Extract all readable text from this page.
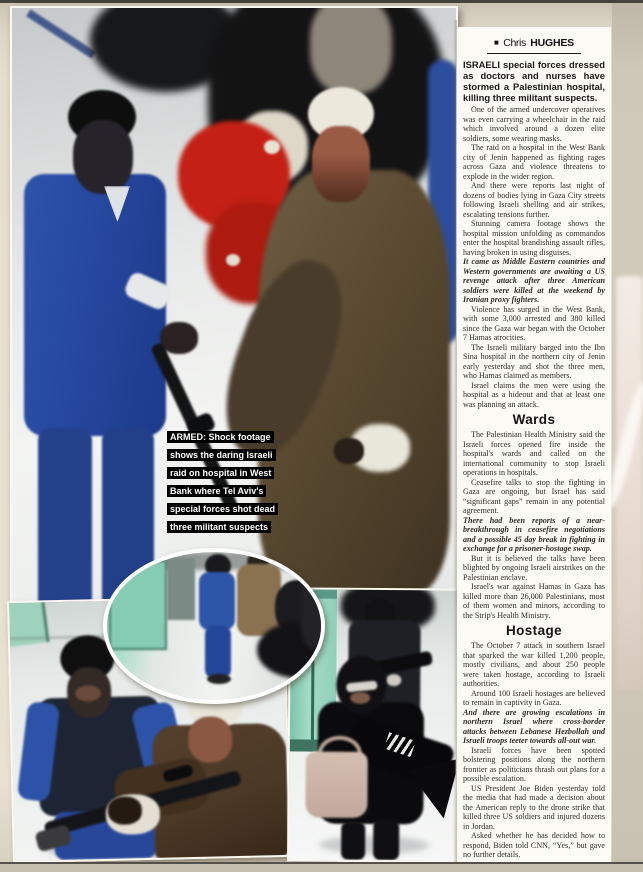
ARMED: Shock footage shows the daring Israeli raid on hospital in West Bank where Tel Aviv's special forces shot dead three militant suspects
■ Chris HUGHES

ISRAELI special forces dressed as doctors and nurses have stormed a Palestinian hospital, killing three militant suspects.

One of the armed undercover operatives was even carrying a wheelchair in the raid which involved around a dozen elite soldiers, some wearing masks.

The raid on a hospital in the West Bank city of Jenin happened as fighting rages across Gaza and violence threatens to explode in the wider region.

And there were reports last night of dozens of bodies lying in Gaza City streets following Israeli shelling and air strikes, escalating tensions further.

Stunning camera footage shows the hospital mission unfolding as commandos enter the hospital brandishing assault rifles, having broken in using disguises.

It came as Middle Eastern countries and Western governments are awaiting a US revenge attack after three American soldiers were killed at the weekend by Iranian proxy fighters.

Violence has surged in the West Bank, with some 3,000 arrested and 380 killed since the Gaza war began with the October 7 Hamas atrocities.

The Israeli military barged into the Ibn Sina hospital in the northern city of Jenin early yesterday and shot the three men, who Hamas claimed as members.

Israel claims the men were using the hospital as a hideout and that at least one was planning an attack.

Wards

The Palestinian Health Ministry said the Israeli forces opened fire inside the hospital's wards and called on the international community to stop Israeli operations in hospitals.

Ceasefire talks to stop the fighting in Gaza are ongoing, but Israel has said “significant gaps” remain in any potential agreement.

There had been reports of a near-breakthrough in ceasefire negotiations and a possible 45 day break in fighting in exchange for a prisoner-hostage swap.

But it is believed the talks have been blighted by ongoing Israeli airstrikes on the Palestinian enclave.

Israel's war against Hamas in Gaza has killed more than 26,000 Palestinians, most of them women and minors, according to the Strip's Health Ministry.

Hostage

The October 7 attack in southern Israel that sparked the war killed 1,200 people, mostly civilians, and about 250 people were taken hostage, according to Israeli authorities.

Around 100 Israeli hostages are believed to remain in captivity in Gaza.

And there are growing escalations in northern Israel where cross-border attacks between Lebanese Hezbollah and Israeli troops teeter towards all-out war.

Israeli forces have been spotted bolstering positions along the northern frontier as politicians thrash out plans for a possible escalation.

US President Joe Biden yesterday told the media that had made a decision about the American reply to the drone strike that killed three US soldiers and injured dozens in Jordan.

Asked whether he has decided how to respond, Biden told CNN, “Yes,” but gave no further details.
